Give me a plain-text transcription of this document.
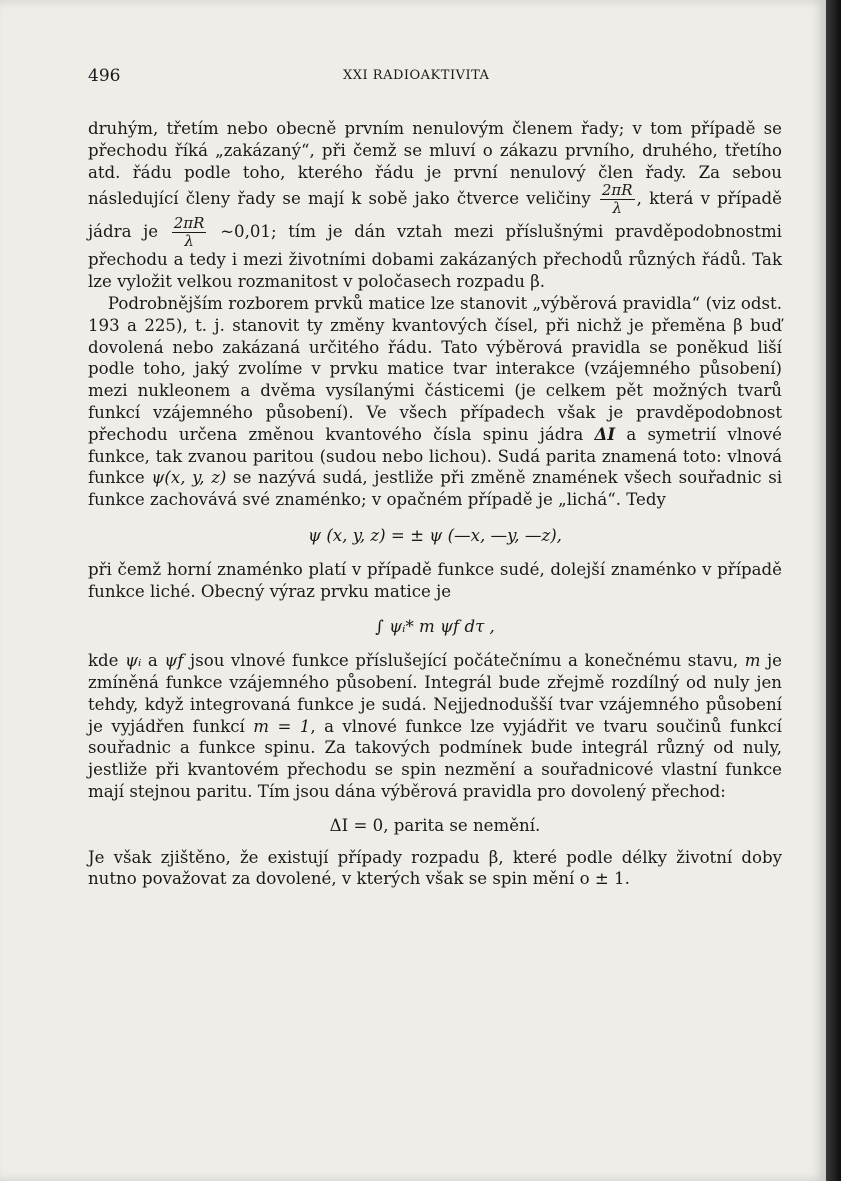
496	XXI RADIOAKTIVITA

druhým, třetím nebo obecně prvním nenulovým členem řady; v tom případě se přechodu říká „zakázaný“, při čemž se mluví o zákazu prvního, druhého, třetího atd. řádu podle toho, kterého řádu je první nenulový člen řady. Za sebou následující členy řady se mají k sobě jako čtverce veličiny $\frac{2\pi R}{\lambda}$ , která v případě jádra je $\frac{2\pi R}{\lambda}$ ~0,01; tím je dán vztah mezi příslušnými pravděpodobnostmi přechodu a tedy i mezi životními dobami zakázaných přechodů různých řádů. Tak lze vyložit velkou rozmanitost v poločasech rozpadu β.

Podrobnějším rozborem prvků matice lze stanovit „výběrová pravidla“ (viz odst. 193 a 225), t. j. stanovit ty změny kvantových čísel, při nichž je přeměna β buď dovolená nebo zakázaná určitého řádu. Tato výběrová pravidla se poněkud liší podle toho, jaký zvolíme v prvku matice tvar interakce (vzájemného působení) mezi nukleonem a dvěma vysílanými částicemi (je celkem pět možných tvarů funkcí vzájemného působení). Ve všech případech však je pravděpodobnost přechodu určena změnou kvantového čísla spinu jádra ΔI a symetrií vlnové funkce, tak zvanou paritou (sudou nebo lichou). Sudá parita znamená toto: vlnová funkce ψ(x, y, z) se nazývá sudá, jestliže při změně znamének všech souřadnic si funkce zachovává své znaménko; v opačném případě je „lichá“. Tedy

ψ (x, y, z) = ± ψ (—x, —y, —z),

při čemž horní znaménko platí v případě funkce sudé, dolejší znaménko v případě funkce liché. Obecný výraz prvku matice je

∫ ψᵢ* m ψf dτ ,

kde ψᵢ a ψf jsou vlnové funkce příslušející počátečnímu a konečnému stavu, m je zmíněná funkce vzájemného působení. Integrál bude zřejmě rozdílný od nuly jen tehdy, když integrovaná funkce je sudá. Nejjednodušší tvar vzájemného působení je vyjádřen funkcí m = 1, a vlnové funkce lze vyjádřit ve tvaru součinů funkcí souřadnic a funkce spinu. Za takových podmínek bude integrál různý od nuly, jestliže při kvantovém přechodu se spin nezmění a souřadnicové vlastní funkce mají stejnou paritu. Tím jsou dána výběrová pravidla pro dovolený přechod:

ΔI = 0, parita se nemění.

Je však zjištěno, že existují případy rozpadu β, které podle délky životní doby nutno považovat za dovolené, v kterých však se spin mění o ± 1.
